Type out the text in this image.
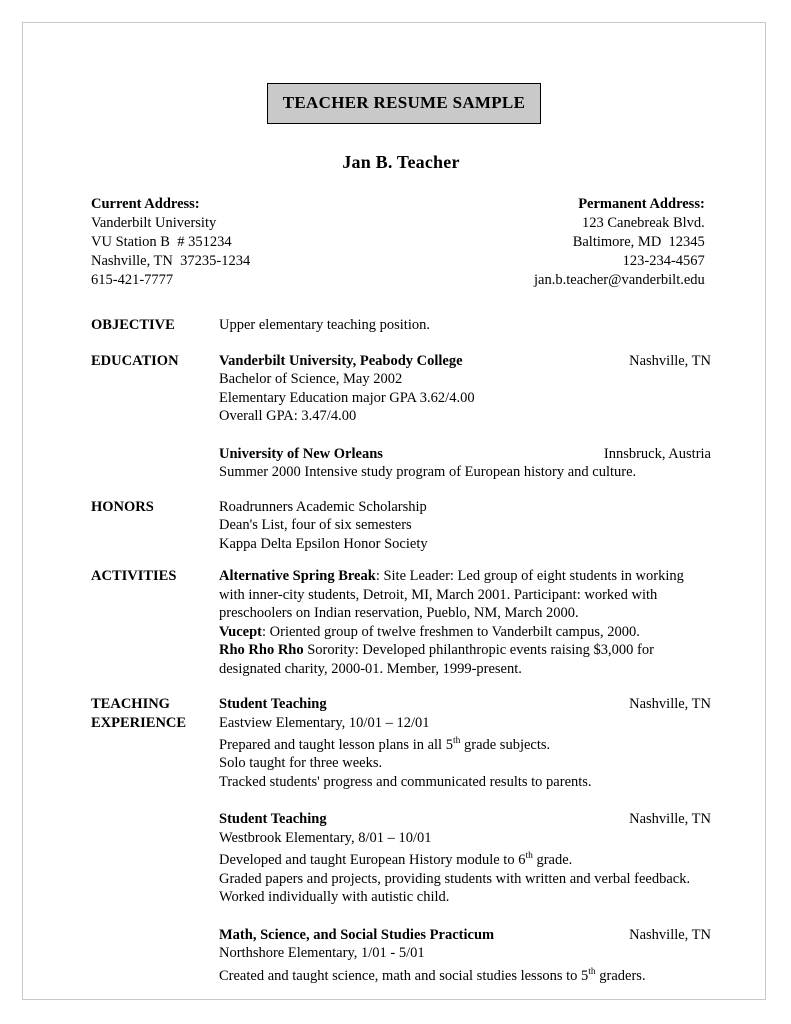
TEACHER RESUME SAMPLE
Jan B. Teacher
Current Address:
Vanderbilt University
VU Station B  # 351234
Nashville, TN  37235-1234
615-421-7777
Permanent Address:
123 Canebreak Blvd.
Baltimore, MD  12345
123-234-4567
jan.b.teacher@vanderbilt.edu
OBJECTIVE	Upper elementary teaching position.
EDUCATION	Vanderbilt University, Peabody College	Nashville, TN
Bachelor of Science, May 2002
Elementary Education major GPA 3.62/4.00
Overall GPA: 3.47/4.00
University of New Orleans	Innsbruck, Austria
Summer 2000 Intensive study program of European history and culture.
HONORS	Roadrunners Academic Scholarship
Dean's List, four of six semesters
Kappa Delta Epsilon Honor Society
ACTIVITIES	Alternative Spring Break: Site Leader: Led group of eight students in working with inner-city students, Detroit, MI, March 2001. Participant: worked with preschoolers on Indian reservation, Pueblo, NM, March 2000.
Vucept: Oriented group of twelve freshmen to Vanderbilt campus, 2000.
Rho Rho Rho Sorority: Developed philanthropic events raising $3,000 for designated charity, 2000-01. Member, 1999-present.
TEACHING
EXPERIENCE
Student Teaching	Nashville, TN
Eastview Elementary, 10/01 – 12/01
Prepared and taught lesson plans in all 5th grade subjects.
Solo taught for three weeks.
Tracked students' progress and communicated results to parents.
Student Teaching	Nashville, TN
Westbrook Elementary, 8/01 – 10/01
Developed and taught European History module to 6th grade.
Graded papers and projects, providing students with written and verbal feedback.
Worked individually with autistic child.
Math, Science, and Social Studies Practicum	Nashville, TN
Northshore Elementary, 1/01 - 5/01
Created and taught science, math and social studies lessons to 5th graders.
